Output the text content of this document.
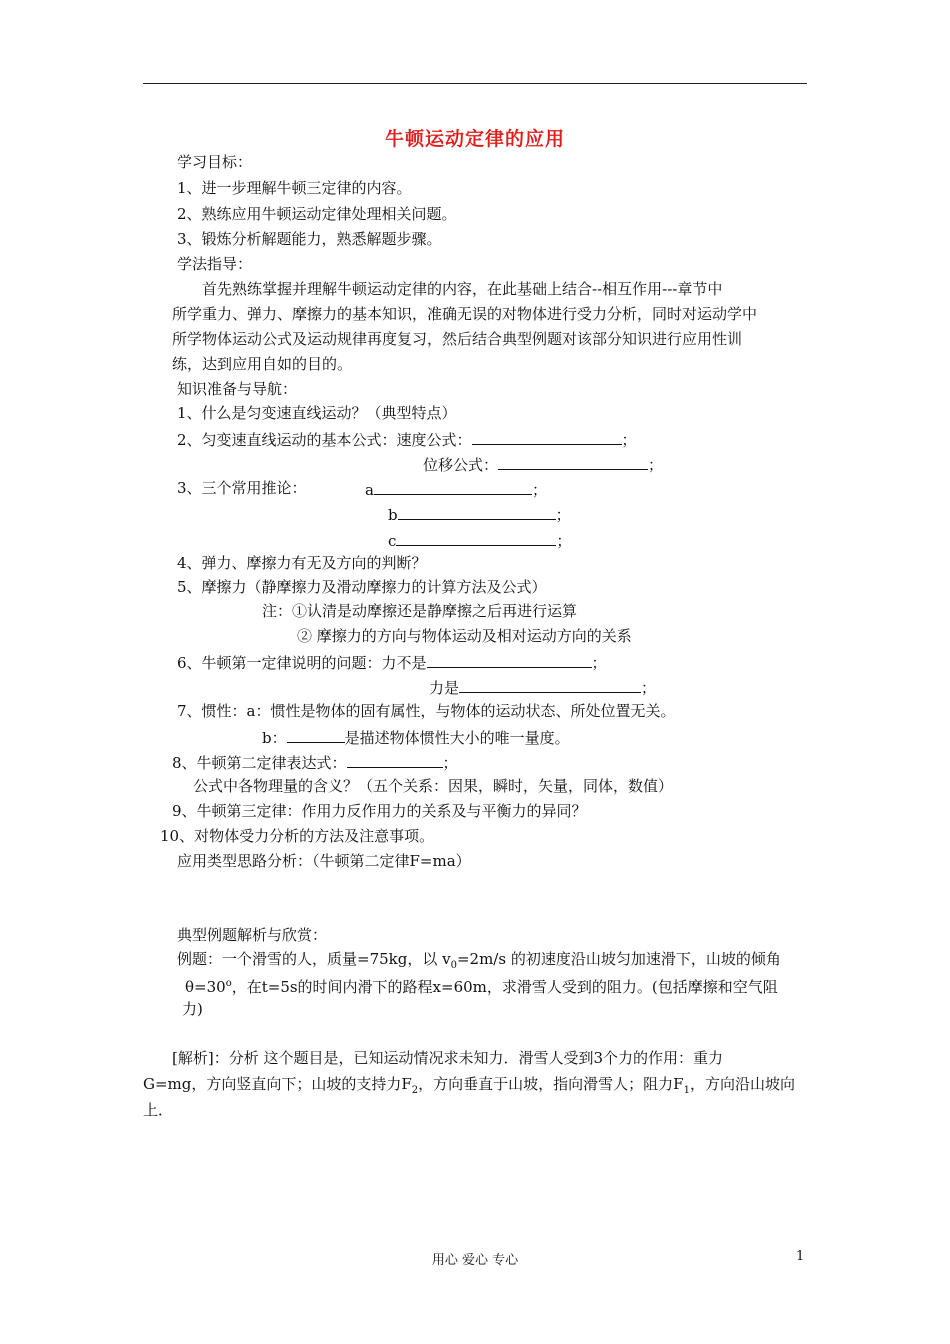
牛顿运动定律的应用
学习目标：
1、进一步理解牛顿三定律的内容。
2、熟练应用牛顿运动定律处理相关问题。
3、锻炼分析解题能力，熟悉解题步骤。
学法指导：
首先熟练掌握并理解牛顿运动定律的内容，在此基础上结合--相互作用---章节中
所学重力、弹力、摩擦力的基本知识，准确无误的对物体进行受力分析，同时对运动学中
所学物体运动公式及运动规律再度复习，然后结合典型例题对该部分知识进行应用性训
练，达到应用自如的目的。
知识准备与导航：
1、什么是匀变速直线运动？（典型特点）
2、匀变速直线运动的基本公式：速度公式：	；
位移公式：	；
3、三个常用推论：	a	；
b	；
c	；
4、弹力、摩擦力有无及方向的判断？
5、摩擦力（静摩擦力及滑动摩擦力的计算方法及公式）
注：①认清是动摩擦还是静摩擦之后再进行运算
② 摩擦力的方向与物体运动及相对运动方向的关系
6、牛顿第一定律说明的问题：力不是	；
力是	；
7、惯性：a：惯性是物体的固有属性，与物体的运动状态、所处位置无关。
b：	是描述物体惯性大小的唯一量度。
8、牛顿第二定律表达式：	；
公式中各物理量的含义？（五个关系：因果，瞬时，矢量，同体，数值）
9、牛顿第三定律：作用力反作用力的关系及与平衡力的异同？
10、对物体受力分析的方法及注意事项。
应用类型思路分析：（牛顿第二定律F=ma）
典型例题解析与欣赏：
例题：一个滑雪的人，质量=75kg，以 $v_0=2m/s$ 的初速度沿山坡匀加速滑下，山坡的倾角
$\theta=30^o$，在t=5s的时间内滑下的路程x=60m，求滑雪人受到的阻力。(包括摩擦和空气阻
力)
[解析]：分析 这个题目是，已知运动情况求未知力．滑雪人受到3个力的作用：重力
G=mg，方向竖直向下；山坡的支持力$F_2$，方向垂直于山坡，指向滑雪人；阻力$F_1$，方向沿山坡向
上．
用心 爱心 专心	1
